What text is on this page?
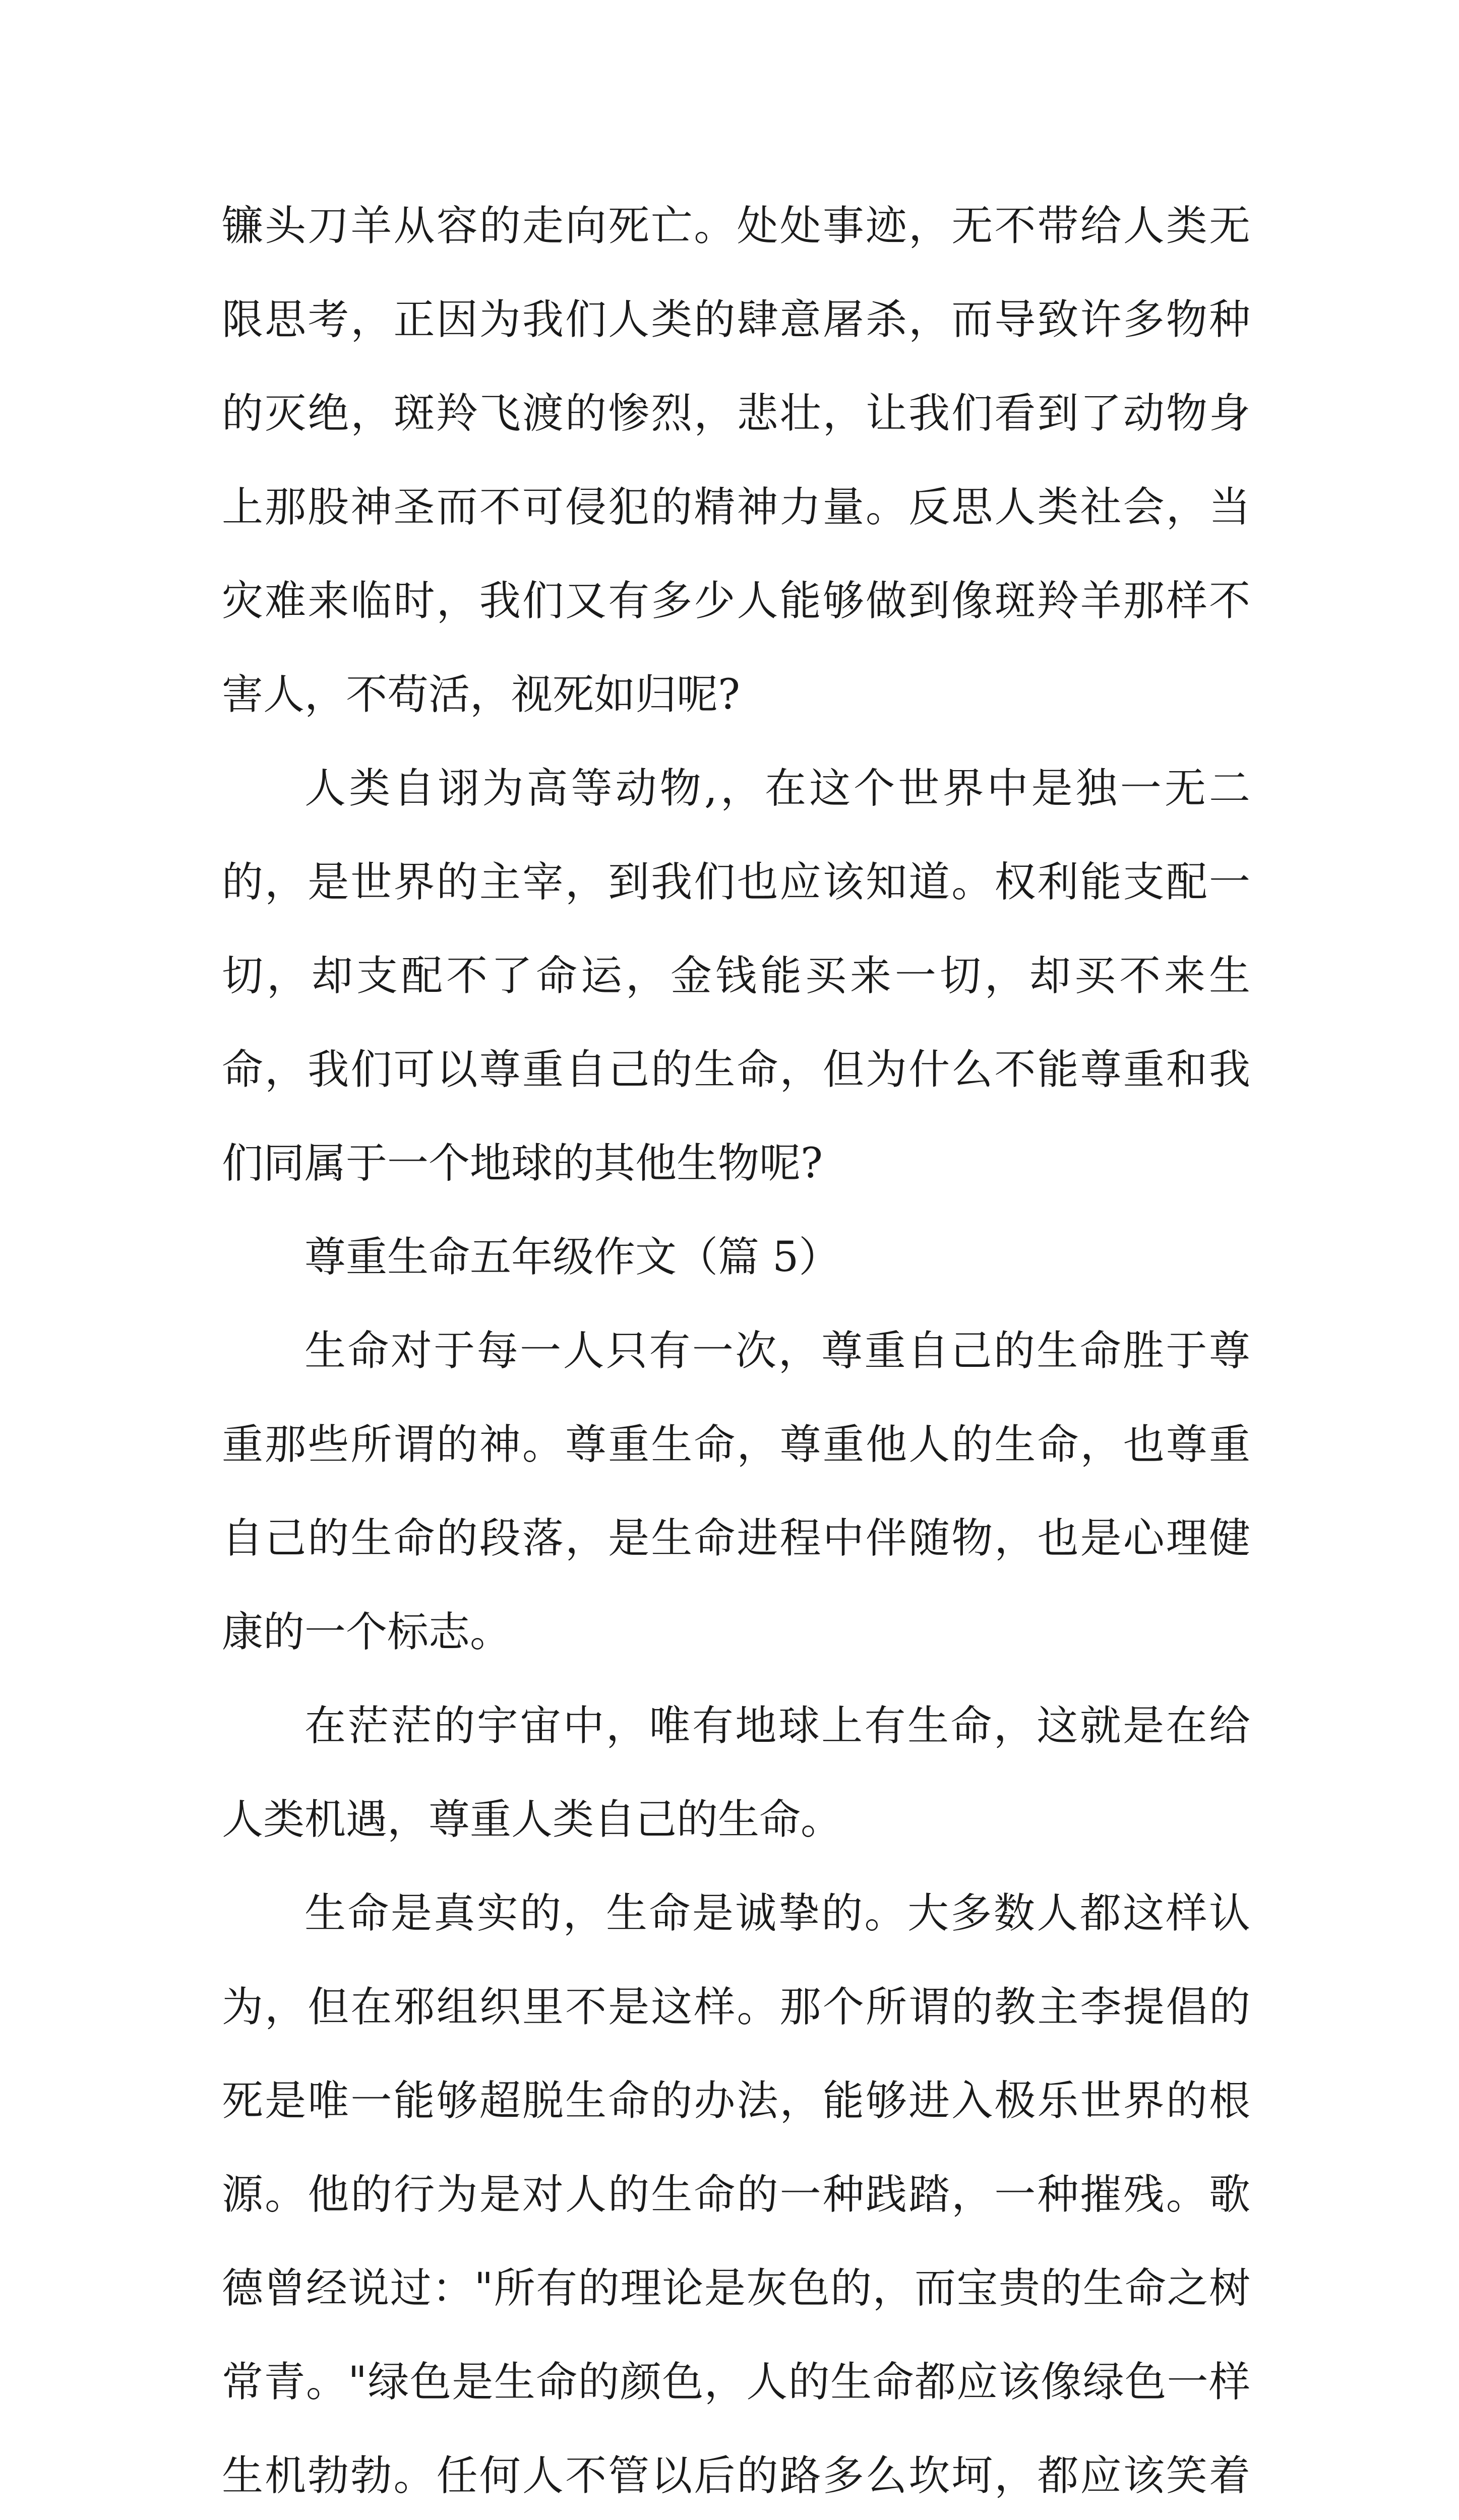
镰头刀羊从容的走向死亡。处处事迹，无不带给人类无限思考，正因为我们人类的肆意屠杀，而导致许多物种的灭绝，斑羚飞渡的惨烈，悲壮，让我们看到了动物身上那股神圣而不可侵犯的精神力量。反思人类社会，当灾难来临时，我们又有多少人能够做到像斑羚羊那样不害人，不苟活，视死如归呢?

人类自诩为高等动物,，在这个世界中是独一无二的，是世界的主宰，到我们也应该知道。权利能支配一切，却支配不了命运，金钱能买来一切，却买不来生命，我们可以尊重自己的生命，但为什么不能尊重和我们同属于一个地球的其他生物呢?

尊重生命五年级作文（篇 5）

生命对于每一人只有一次，尊重自己的生命胜于尊重那些所谓的神。尊重生命，尊重他人的生命，也尊重自己的生命的段落，是生命进程中伴随物，也是心理健康的一个标志。

在茫茫的宇宙中，唯有地球上有生命，这就是在给人类机遇，尊重人类自己的生命。

生命是真实的，生命是诚挚的。大多数人都这样认为，但在邪组织里不是这样。那个所谓的教主李提倡的死是唯一能够超脱生命的办法，能够进入极乐世界的根源。他的行为是对人的生命的一种践踏，一种摧残。歌德曾经说过："所有的理论是灰色的，而宝贵的生命之树常青。"绿色是生命的颜色，人的生命都应该像绿色一样生机勃勃。任何人不管以后的路多么坎坷，都应该笑着
